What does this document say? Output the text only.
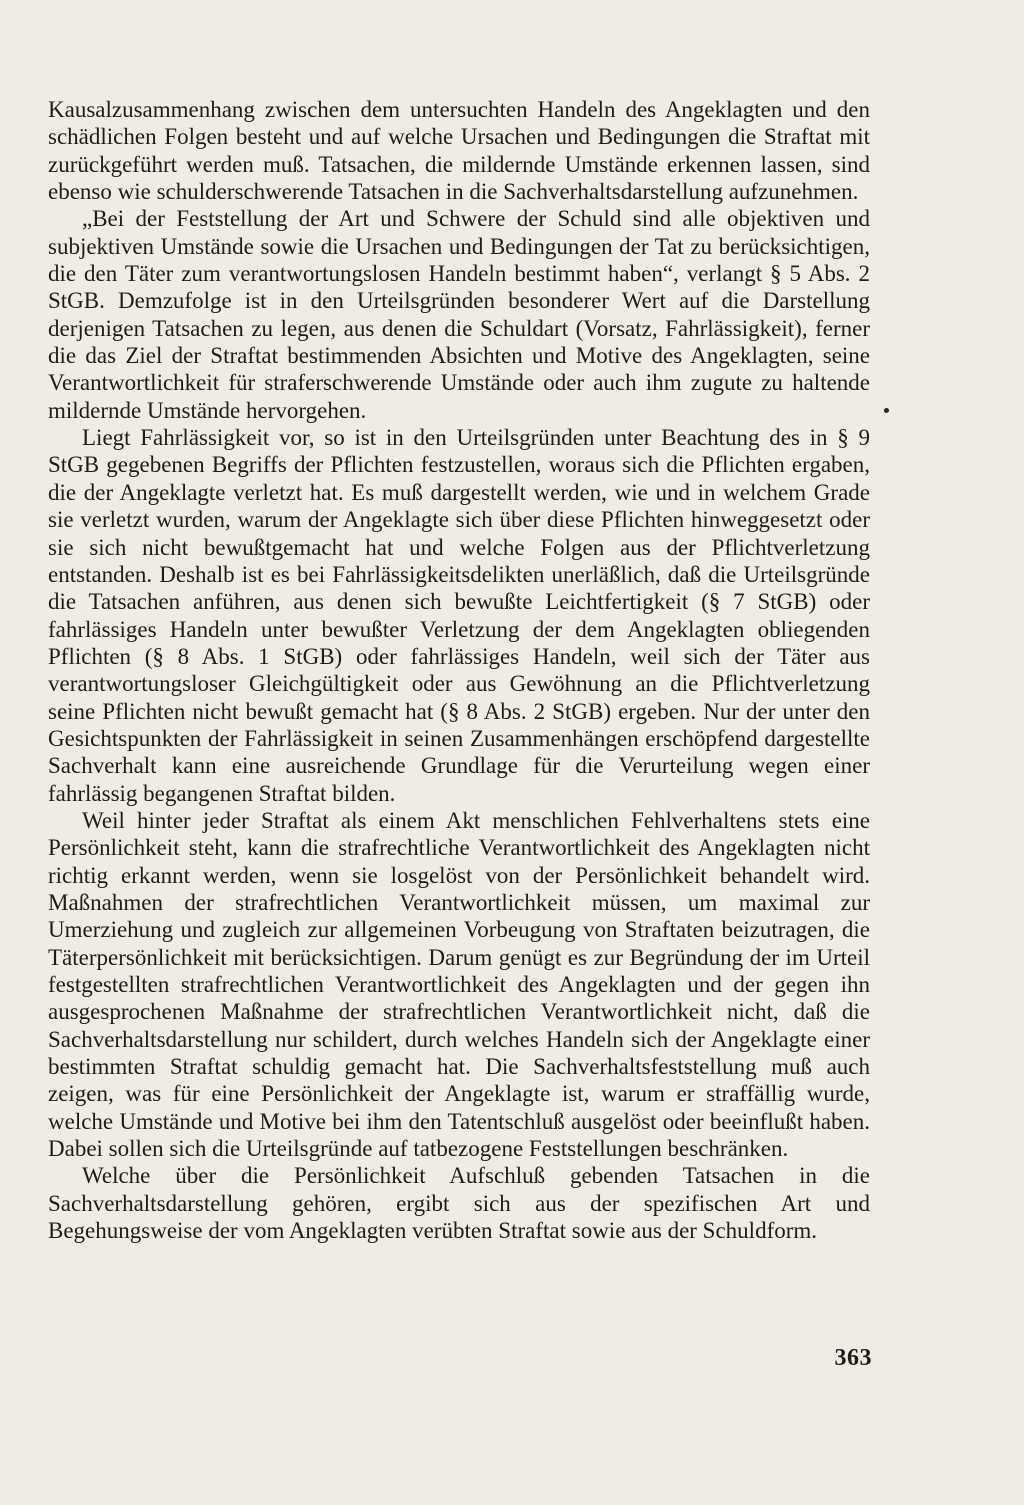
Kausalzusammenhang zwischen dem untersuchten Handeln des Angeklagten und den schädlichen Folgen besteht und auf welche Ursachen und Bedingungen die Straftat mit zurückgeführt werden muß. Tatsachen, die mildernde Umstände erkennen lassen, sind ebenso wie schulderschwerende Tatsachen in die Sachverhaltsdarstellung aufzunehmen.

„Bei der Feststellung der Art und Schwere der Schuld sind alle objektiven und subjektiven Umstände sowie die Ursachen und Bedingungen der Tat zu berücksichtigen, die den Täter zum verantwortungslosen Handeln bestimmt haben“, verlangt § 5 Abs. 2 StGB. Demzufolge ist in den Urteilsgründen besonderer Wert auf die Darstellung derjenigen Tatsachen zu legen, aus denen die Schuldart (Vorsatz, Fahrlässigkeit), ferner die das Ziel der Straftat bestimmenden Absichten und Motive des Angeklagten, seine Verantwortlichkeit für straferschwerende Umstände oder auch ihm zugute zu haltende mildernde Umstände hervorgehen.

Liegt Fahrlässigkeit vor, so ist in den Urteilsgründen unter Beachtung des in § 9 StGB gegebenen Begriffs der Pflichten festzustellen, woraus sich die Pflichten ergaben, die der Angeklagte verletzt hat. Es muß dargestellt werden, wie und in welchem Grade sie verletzt wurden, warum der Angeklagte sich über diese Pflichten hinweggesetzt oder sie sich nicht bewußtgemacht hat und welche Folgen aus der Pflichtverletzung entstanden. Deshalb ist es bei Fahrlässigkeitsdelikten unerläßlich, daß die Urteilsgründe die Tatsachen anführen, aus denen sich bewußte Leichtfertigkeit (§ 7 StGB) oder fahrlässiges Handeln unter bewußter Verletzung der dem Angeklagten obliegenden Pflichten (§ 8 Abs. 1 StGB) oder fahrlässiges Handeln, weil sich der Täter aus verantwortungsloser Gleichgültigkeit oder aus Gewöhnung an die Pflichtverletzung seine Pflichten nicht bewußt gemacht hat (§ 8 Abs. 2 StGB) ergeben. Nur der unter den Gesichtspunkten der Fahrlässigkeit in seinen Zusammenhängen erschöpfend dargestellte Sachverhalt kann eine ausreichende Grundlage für die Verurteilung wegen einer fahrlässig begangenen Straftat bilden.

Weil hinter jeder Straftat als einem Akt menschlichen Fehlverhaltens stets eine Persönlichkeit steht, kann die strafrechtliche Verantwortlichkeit des Angeklagten nicht richtig erkannt werden, wenn sie losgelöst von der Persönlichkeit behandelt wird. Maßnahmen der strafrechtlichen Verantwortlichkeit müssen, um maximal zur Umerziehung und zugleich zur allgemeinen Vorbeugung von Straftaten beizutragen, die Täterpersönlichkeit mit berücksichtigen. Darum genügt es zur Begründung der im Urteil festgestellten strafrechtlichen Verantwortlichkeit des Angeklagten und der gegen ihn ausgesprochenen Maßnahme der strafrechtlichen Verantwortlichkeit nicht, daß die Sachverhaltsdarstellung nur schildert, durch welches Handeln sich der Angeklagte einer bestimmten Straftat schuldig gemacht hat. Die Sachverhaltsfeststellung muß auch zeigen, was für eine Persönlichkeit der Angeklagte ist, warum er straffällig wurde, welche Umstände und Motive bei ihm den Tatentschluß ausgelöst oder beeinflußt haben. Dabei sollen sich die Urteilsgründe auf tatbezogene Feststellungen beschränken.

Welche über die Persönlichkeit Aufschluß gebenden Tatsachen in die Sachverhaltsdarstellung gehören, ergibt sich aus der spezifischen Art und Begehungsweise der vom Angeklagten verübten Straftat sowie aus der Schuldform.

363
